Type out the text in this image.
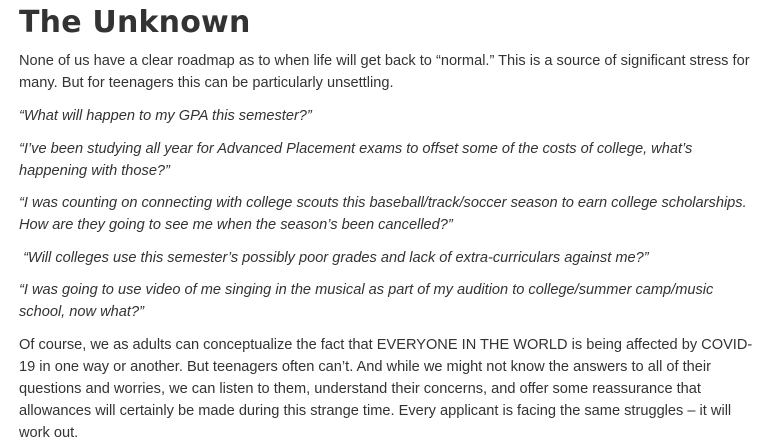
The Unknown

None of us have a clear roadmap as to when life will get back to “normal.” This is a source of significant stress for many. But for teenagers this can be particularly unsettling.

“What will happen to my GPA this semester?”

“I’ve been studying all year for Advanced Placement exams to offset some of the costs of college, what’s happening with those?”

“I was counting on connecting with college scouts this baseball/track/soccer season to earn college scholarships. How are they going to see me when the season’s been cancelled?”

“Will colleges use this semester’s possibly poor grades and lack of extra-curriculars against me?”

“I was going to use video of me singing in the musical as part of my audition to college/summer camp/music school, now what?”

Of course, we as adults can conceptualize the fact that EVERYONE IN THE WORLD is being affected by COVID-19 in one way or another. But teenagers often can’t. And while we might not know the answers to all of their questions and worries, we can listen to them, understand their concerns, and offer some reassurance that allowances will certainly be made during this strange time. Every applicant is facing the same struggles – it will work out.
